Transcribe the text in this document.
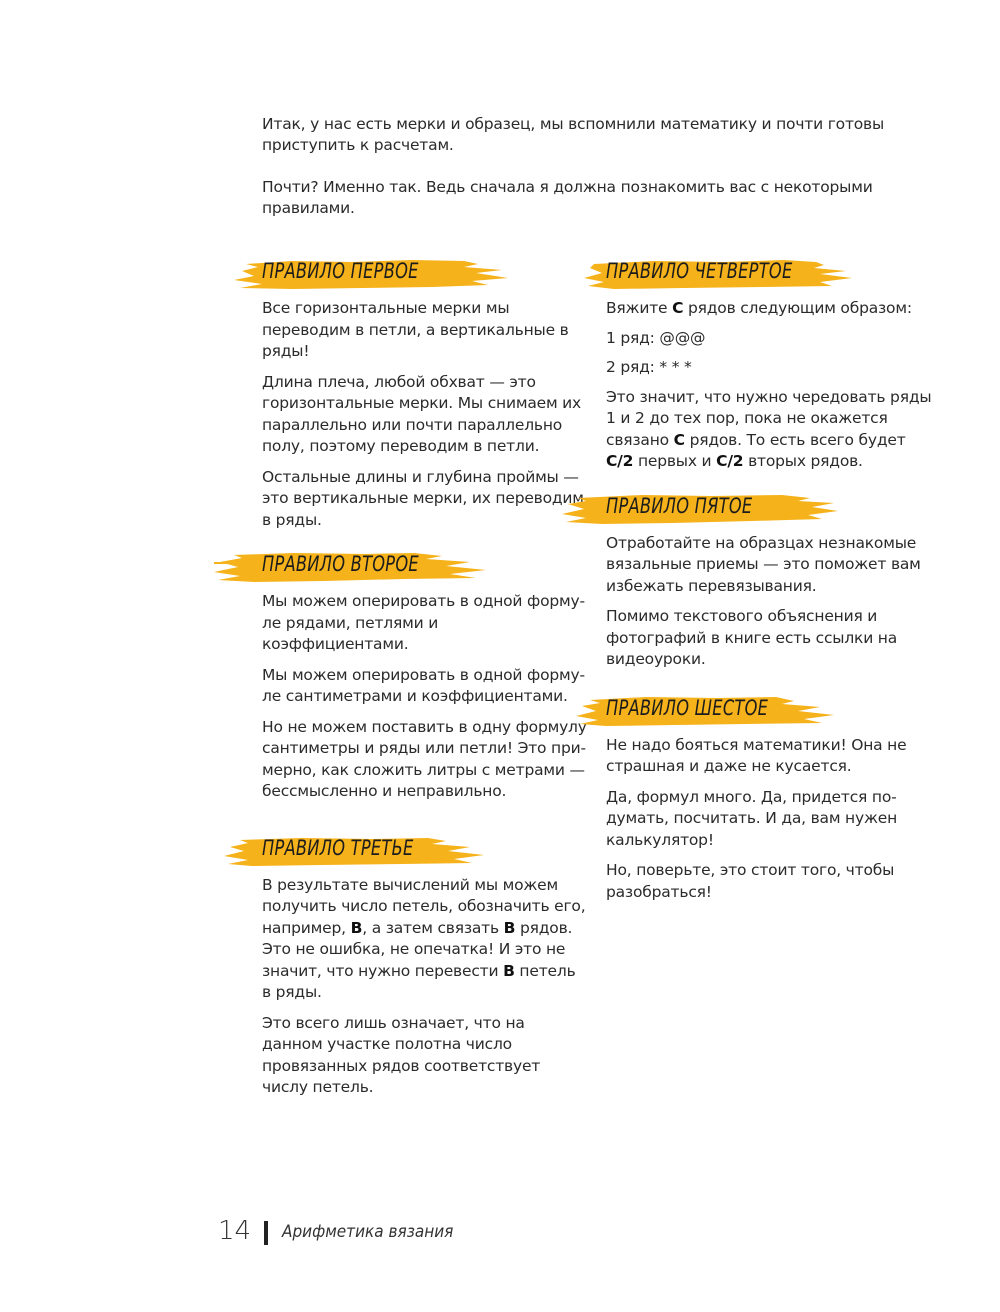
Итак, у нас есть мерки и образец, мы вспомнили математику и почти готовы приступить к расчетам.

Почти? Именно так. Ведь сначала я должна познакомить вас с некоторыми правилами.

ПРАВИЛО ПЕРВОЕ

Все горизонтальные мерки мы переводим в петли, а вертикальные в ряды!

Длина плеча, любой обхват — это горизонтальные мерки. Мы снимаем их параллельно или почти параллельно полу, поэтому переводим в петли.

Остальные длины и глубина проймы — это вертикальные мерки, их переводим в ряды.

ПРАВИЛО ВТОРОЕ

Мы можем оперировать в одной формуле рядами, петлями и коэффициентами.

Мы можем оперировать в одной формуле сантиметрами и коэффициентами.

Но не можем поставить в одну формулу сантиметры и ряды или петли! Это примерно, как сложить литры с метрами — бессмысленно и неправильно.

ПРАВИЛО ТРЕТЬЕ

В результате вычислений мы можем получить число петель, обозначить его, например, В, а затем связать В рядов. Это не ошибка, не опечатка! И это не значит, что нужно перевести В петель в ряды.

Это всего лишь означает, что на данном участке полотна число провязанных рядов соответствует числу петель.

ПРАВИЛО ЧЕТВЕРТОЕ

Вяжите С рядов следующим образом:

1 ряд: @@@

2 ряд: * * *

Это значит, что нужно чередовать ряды 1 и 2 до тех пор, пока не окажется связано С рядов. То есть всего будет С/2 первых и С/2 вторых рядов.

ПРАВИЛО ПЯТОЕ

Отработайте на образцах незнакомые вязальные приемы — это поможет вам избежать перевязывания.

Помимо текстового объяснения и фотографий в книге есть ссылки на видеоуроки.

ПРАВИЛО ШЕСТОЕ

Не надо бояться математики! Она не страшная и даже не кусается.

Да, формул много. Да, придется подумать, посчитать. И да, вам нужен калькулятор!

Но, поверьте, это стоит того, чтобы разобраться!

14 Арифметика вязания
